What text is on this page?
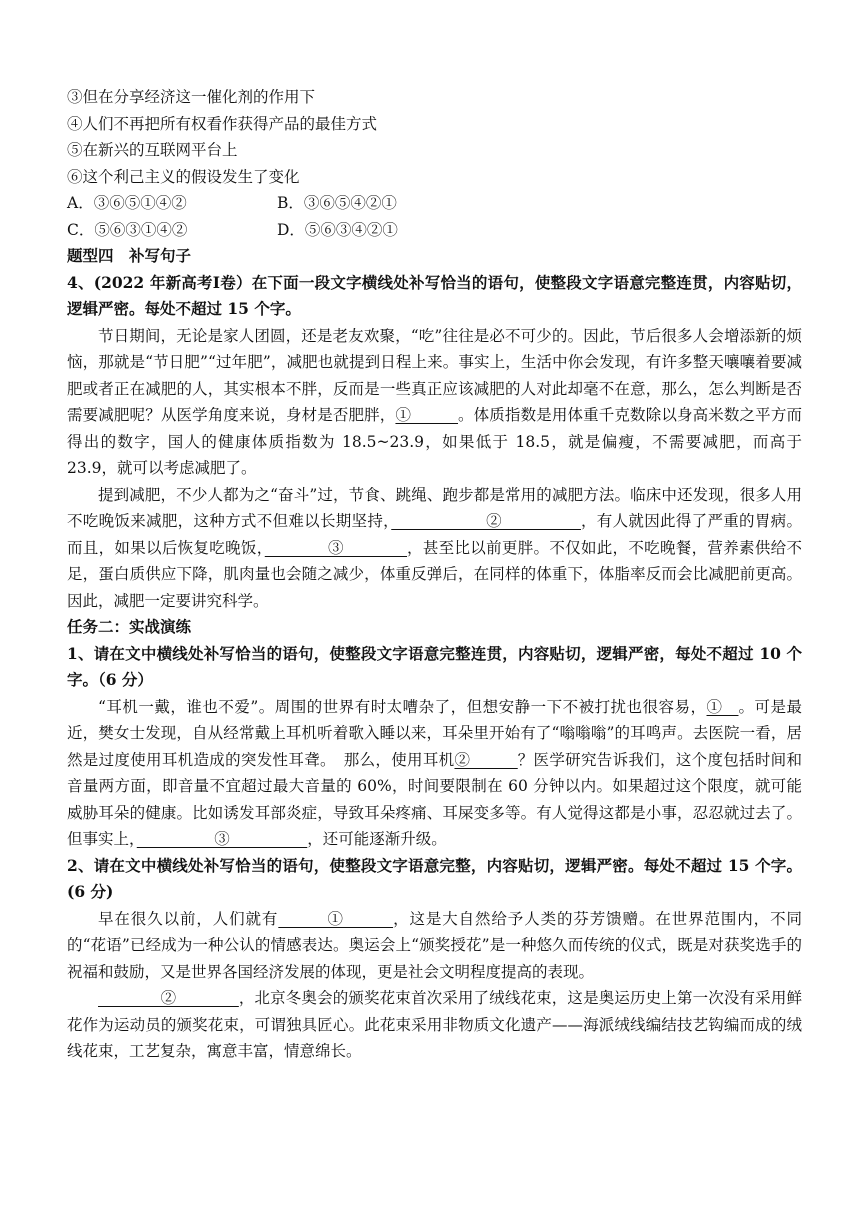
③但在分享经济这一催化剂的作用下
④人们不再把所有权看作获得产品的最佳方式
⑤在新兴的互联网平台上
⑥这个利己主义的假设发生了变化
A．③⑥⑤①④②	B．③⑥⑤④②①
C．⑤⑥③①④②	D．⑤⑥③④②①
题型四　补写句子
4、(2022 年新高考Ⅰ卷）在下面一段文字横线处补写恰当的语句，使整段文字语意完整连贯，内容贴切，逻辑严密。每处不超过 15 个字。
节日期间，无论是家人团圆，还是老友欢聚，“吃”往往是必不可少的。因此，节后很多人会增添新的烦恼，那就是“节日肥”“过年肥”，减肥也就提到日程上来。事实上，生活中你会发现，有许多整天嚷嚷着要减肥或者正在减肥的人，其实根本不胖，反而是一些真正应该减肥的人对此却毫不在意，那么，怎么判断是否需要减肥呢？从医学角度来说，身材是否肥胖，①　　　。体质指数是用体重千克数除以身高米数之平方而得出的数字，国人的健康体质指数为 18.5~23.9，如果低于 18.5，就是偏瘦，不需要减肥，而高于 23.9，就可以考虑减肥了。
提到减肥，不少人都为之“奋斗”过，节食、跳绳、跑步都是常用的减肥方法。临床中还发现，很多人用不吃晚饭来减肥，这种方式不但难以长期坚持，　　　　　　②　　　　　，有人就因此得了严重的胃病。而且，如果以后恢复吃晚饭，　　　　③　　　　，甚至比以前更胖。不仅如此，不吃晚餐，营养素供给不足，蛋白质供应下降，肌肉量也会随之减少，体重反弹后，在同样的体重下，体脂率反而会比减肥前更高。因此，减肥一定要讲究科学。
任务二：实战演练
1、请在文中横线处补写恰当的语句，使整段文字语意完整连贯，内容贴切，逻辑严密，每处不超过 10 个字。（6 分）
“耳机一戴，谁也不爱”。周围的世界有时太嘈杂了，但想安静一下不被打扰也很容易，①　。可是最近，樊女士发现，自从经常戴上耳机听着歌入睡以来，耳朵里开始有了“嗡嗡嗡”的耳鸣声。去医院一看，居然是过度使用耳机造成的突发性耳聋。　那么，使用耳机②　　　？医学研究告诉我们，这个度包括时间和音量两方面，即音量不宜超过最大音量的 60%，时间要限制在 60 分钟以内。如果超过这个限度，就可能威胁耳朵的健康。比如诱发耳部炎症，导致耳朵疼痛、耳屎变多等。有人觉得这都是小事，忍忍就过去了。但事实上，　　　　　③　　　　　，还可能逐渐升级。
2、请在文中横线处补写恰当的语句，使整段文字语意完整，内容贴切，逻辑严密。每处不超过 15 个字。(6 分)
早在很久以前，人们就有　　　①　　　，这是大自然给予人类的芬芳馈赠。在世界范围内，不同的“花语”已经成为一种公认的情感表达。奥运会上“颁奖授花”是一种悠久而传统的仪式，既是对获奖选手的祝福和鼓励，又是世界各国经济发展的体现，更是社会文明程度提高的表现。
　　　　②　　　　，北京冬奥会的颁奖花束首次采用了绒线花束，这是奥运历史上第一次没有采用鲜花作为运动员的颁奖花束，可谓独具匠心。此花束采用非物质文化遗产——海派绒线编结技艺钩编而成的绒线花束，工艺复杂，寓意丰富，情意绵长。
